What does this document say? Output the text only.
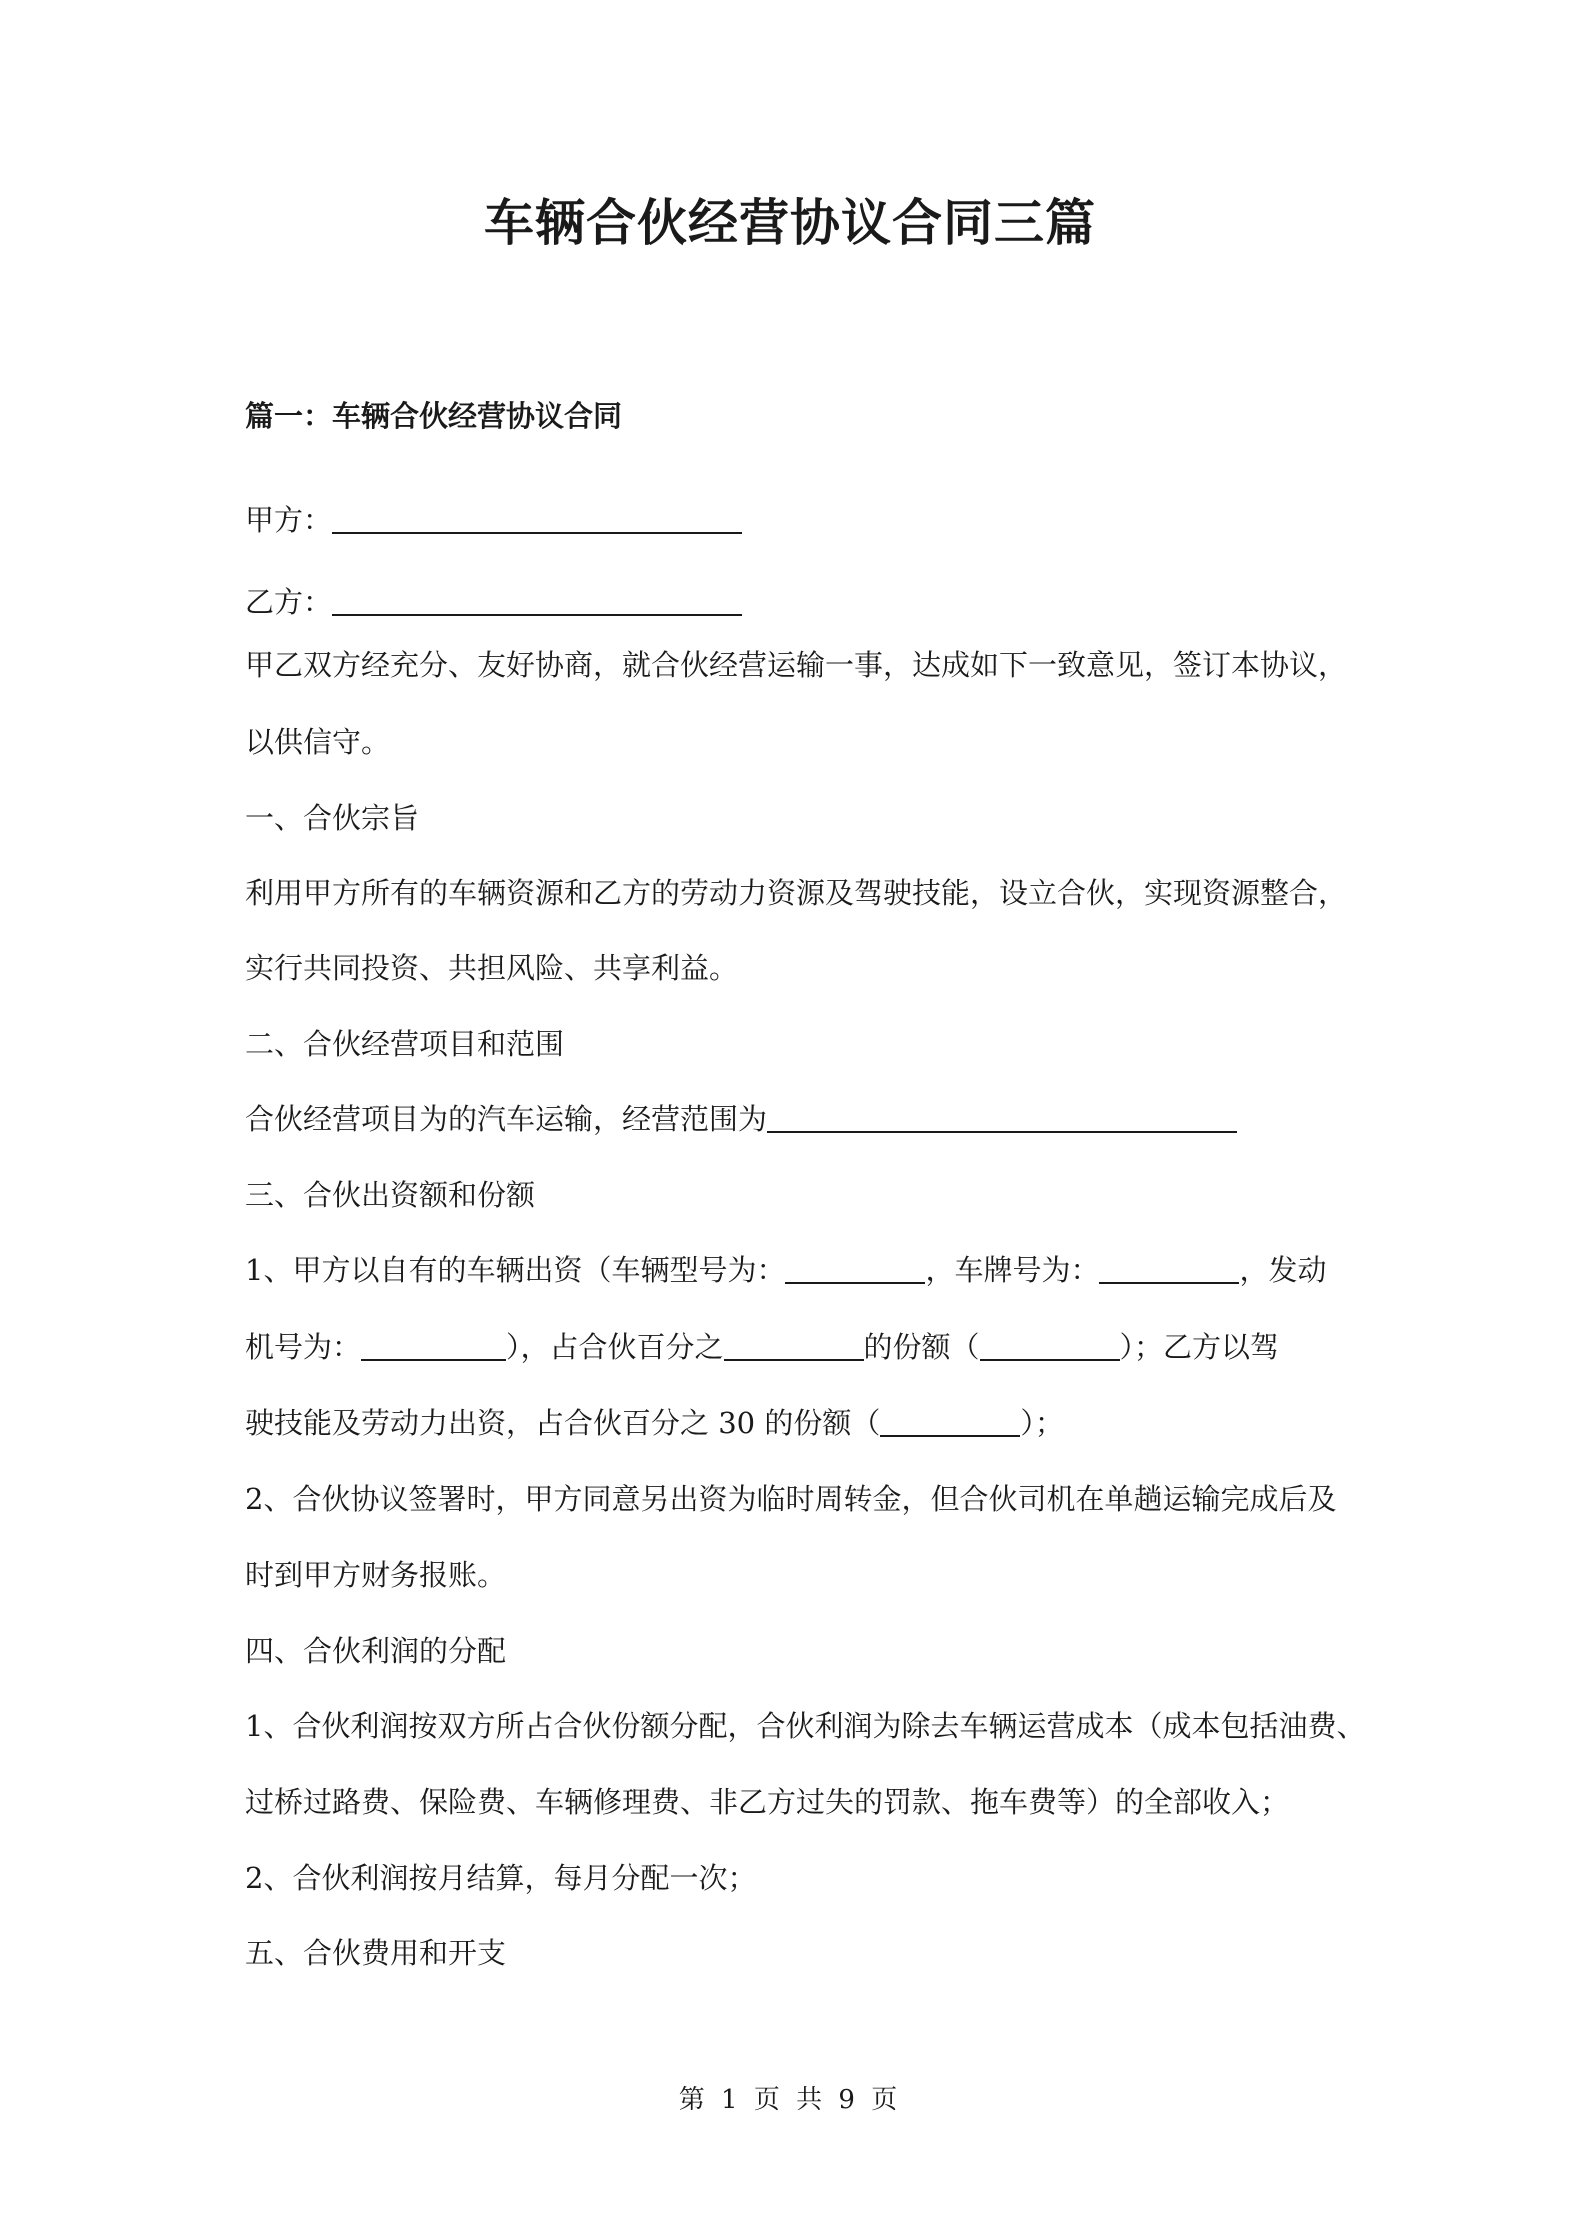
车辆合伙经营协议合同三篇
篇一：车辆合伙经营协议合同
甲方：
乙方：
甲乙双方经充分、友好协商，就合伙经营运输一事，达成如下一致意见，签订本协议，
以供信守。
一、合伙宗旨
利用甲方所有的车辆资源和乙方的劳动力资源及驾驶技能，设立合伙，实现资源整合，
实行共同投资、共担风险、共享利益。
二、合伙经营项目和范围
合伙经营项目为的汽车运输，经营范围为
三、合伙出资额和份额
1、甲方以自有的车辆出资（车辆型号为：	，车牌号为：	，发动
机号为：	），占合伙百分之	的份额（	）；乙方以驾
驶技能及劳动力出资，占合伙百分之 30 的份额（	）；
2、合伙协议签署时，甲方同意另出资为临时周转金，但合伙司机在单趟运输完成后及
时到甲方财务报账。
四、合伙利润的分配
1、合伙利润按双方所占合伙份额分配，合伙利润为除去车辆运营成本（成本包括油费、
过桥过路费、保险费、车辆修理费、非乙方过失的罚款、拖车费等）的全部收入；
2、合伙利润按月结算，每月分配一次；
五、合伙费用和开支
第 1 页 共 9 页
